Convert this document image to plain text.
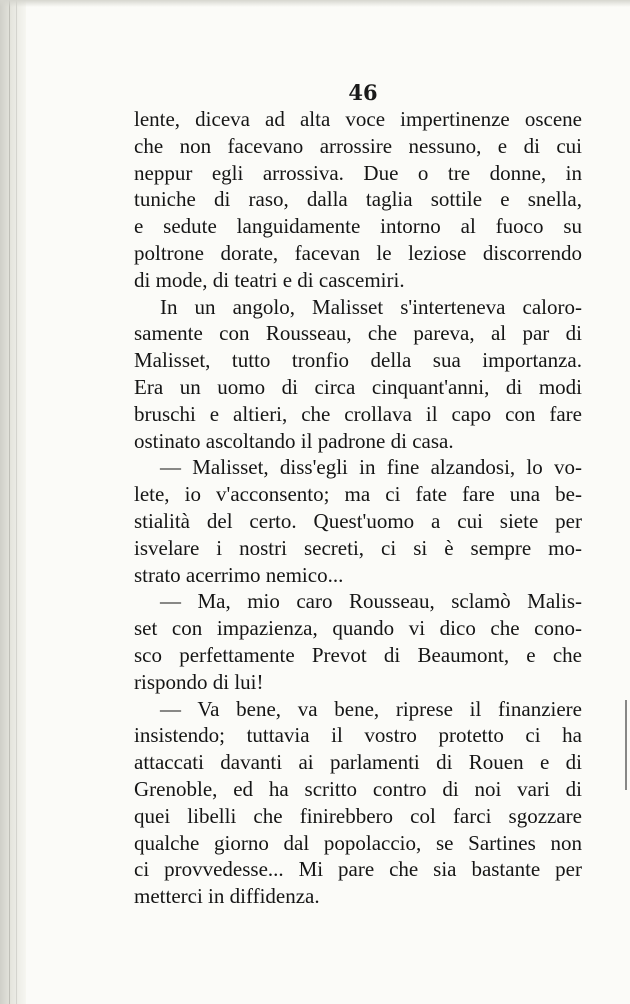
46
lente, diceva ad alta voce impertinenze oscene
che non facevano arrossire nessuno, e di cui
neppur egli arrossiva. Due o tre donne, in
tuniche di raso, dalla taglia sottile e snella,
e sedute languidamente intorno al fuoco su
poltrone dorate, facevan le leziose discorrendo
di mode, di teatri e di cascemiri.
In un angolo, Malisset s'intertеneva caloro-
samente con Rousseau, che pareva, al par di
Malisset, tutto tronfio della sua importanza.
Era un uomo di circa cinquant'anni, di modi
bruschi e altieri, che crollava il capo con fare
ostinato ascoltando il padrone di casa.
— Malisset, diss'egli in fine alzandosi, lo vo-
lete, io v'acconsento; ma ci fate fare una be-
stialità del certo. Quest'uomo a cui siete per
isvelare i nostri secreti, ci si è sempre mo-
strato acerrimo nemico...
— Ma, mio caro Rousseau, sclamò Malis-
set con impazienza, quando vi dico che cono-
sco perfettamente Prevot di Beaumont, e che
rispondo di lui!
— Va bene, va bene, riprese il finanziere
insistendo; tuttavia il vostro protetto ci ha
attaccati davanti ai parlamenti di Rouen e di
Grenoble, ed ha scritto contro di noi vari di
quei libelli che finirebbero col farci sgozzare
qualche giorno dal popolaccio, se Sartines non
ci provvedesse... Mi pare che sia bastante per
metterci in diffidenza.
